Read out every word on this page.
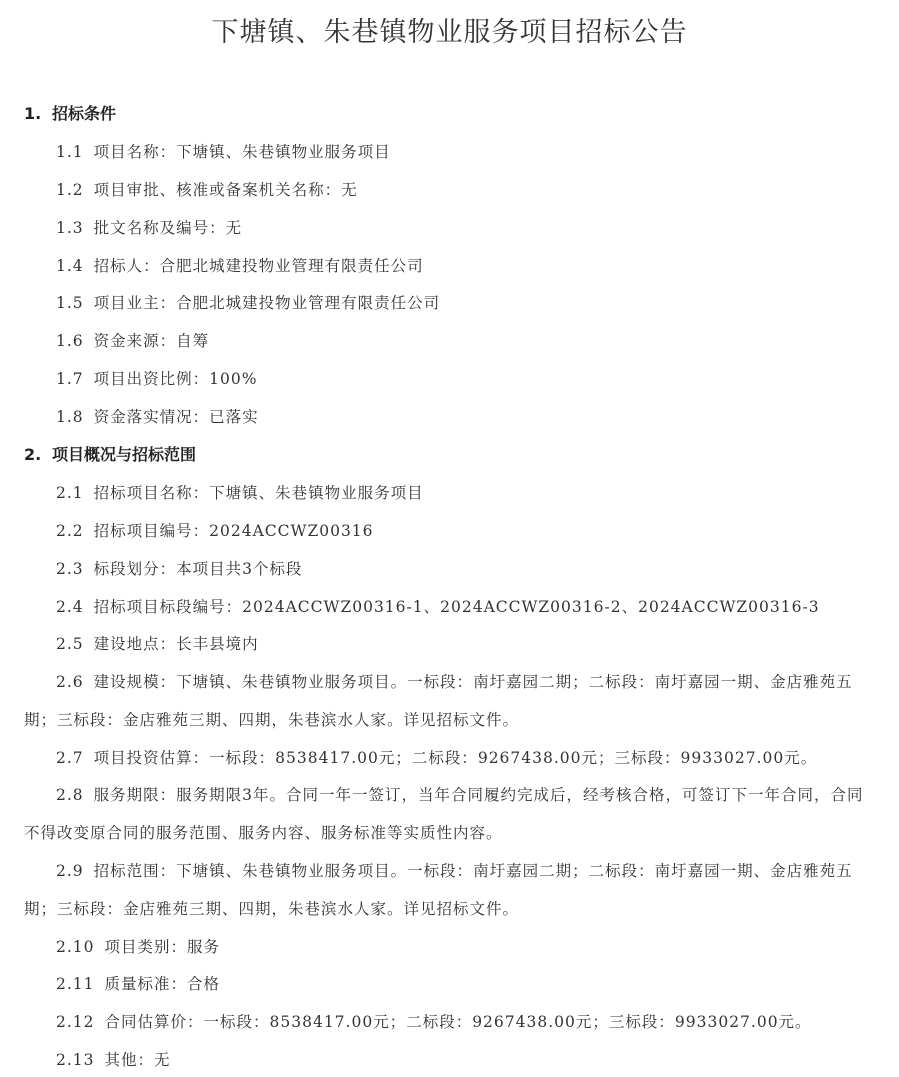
下塘镇、朱巷镇物业服务项目招标公告
1. 招标条件
1.1 项目名称：下塘镇、朱巷镇物业服务项目
1.2 项目审批、核准或备案机关名称：无
1.3 批文名称及编号：无
1.4 招标人：合肥北城建投物业管理有限责任公司
1.5 项目业主：合肥北城建投物业管理有限责任公司
1.6 资金来源：自筹
1.7 项目出资比例：100%
1.8 资金落实情况：已落实
2. 项目概况与招标范围
2.1 招标项目名称：下塘镇、朱巷镇物业服务项目
2.2 招标项目编号：2024ACCWZ00316
2.3 标段划分：本项目共3个标段
2.4 招标项目标段编号：2024ACCWZ00316-1、2024ACCWZ00316-2、2024ACCWZ00316-3
2.5 建设地点：长丰县境内
2.6 建设规模：下塘镇、朱巷镇物业服务项目。一标段：南圩嘉园二期；二标段：南圩嘉园一期、金店雅苑五期；三标段：金店雅苑三期、四期，朱巷滨水人家。详见招标文件。
2.7 项目投资估算：一标段：8538417.00元；二标段：9267438.00元；三标段：9933027.00元。
2.8 服务期限：服务期限3年。合同一年一签订，当年合同履约完成后，经考核合格，可签订下一年合同，合同不得改变原合同的服务范围、服务内容、服务标准等实质性内容。
2.9 招标范围：下塘镇、朱巷镇物业服务项目。一标段：南圩嘉园二期；二标段：南圩嘉园一期、金店雅苑五期；三标段：金店雅苑三期、四期，朱巷滨水人家。详见招标文件。
2.10 项目类别：服务
2.11 质量标准：合格
2.12 合同估算价：一标段：8538417.00元；二标段：9267438.00元；三标段：9933027.00元。
2.13 其他：无
